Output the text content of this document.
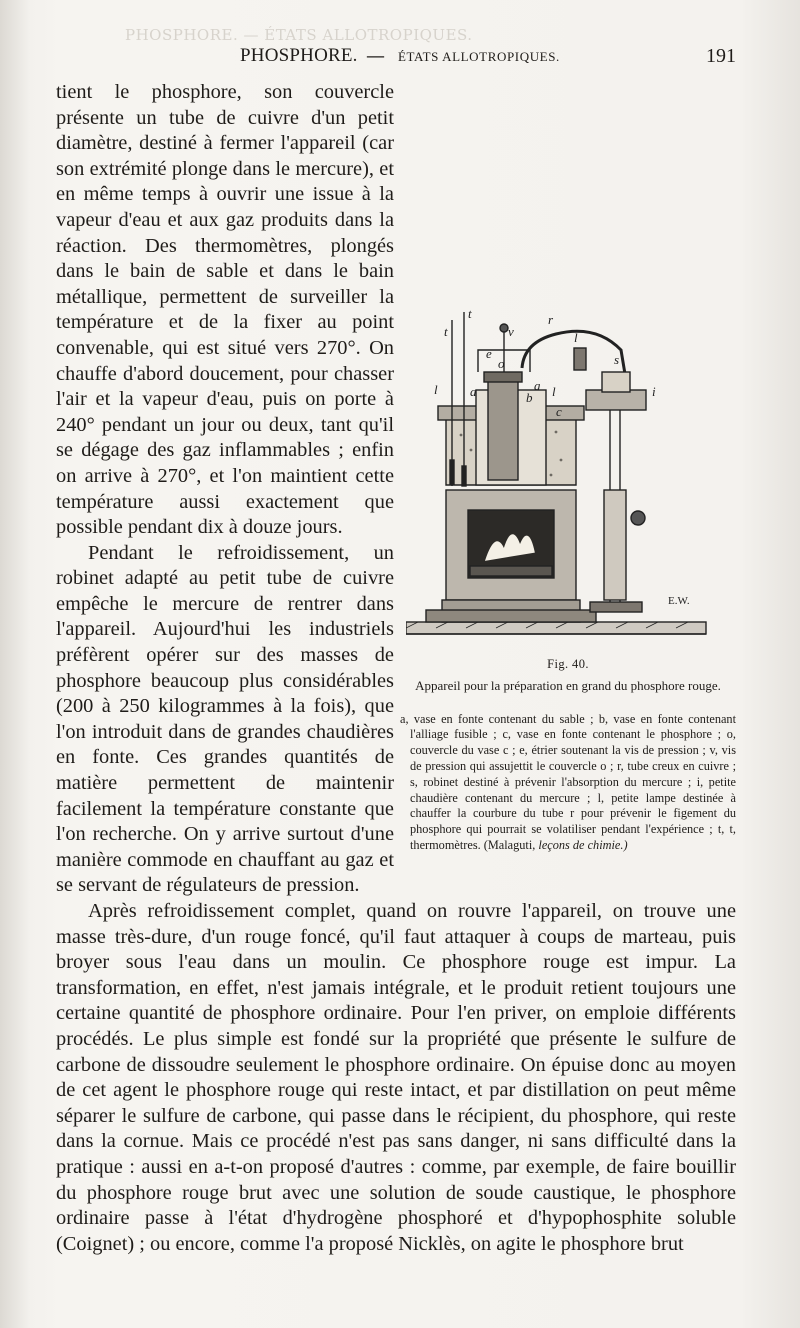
PHOSPHORE. — ÉTATS ALLOTROPIQUES.
PHOSPHORE. — ÉTATS ALLOTROPIQUES.	191
t
t
v
r
l
e
o
a	a
b
l	l
s
i
c
E.W.
Fig. 40.
Appareil pour la préparation en grand du phosphore rouge.
a, vase en fonte contenant du sable ; b, vase en fonte contenant l'alliage fusible ; c, vase en fonte contenant le phosphore ; o, couvercle du vase c ; e, étrier soutenant la vis de pression ; v, vis de pression qui assujettit le couvercle o ; r, tube creux en cuivre ; s, robinet destiné à prévenir l'absorption du mercure ; i, petite chaudière contenant du mercure ; l, petite lampe destinée à chauffer la courbure du tube r pour prévenir le figement du phosphore qui pourrait se volatiliser pendant l'expérience ; t, t, thermomètres. (Malaguti, leçons de chimie.)

tient le phosphore, son couvercle présente un tube de cuivre d'un petit diamètre, destiné à fermer l'appareil (car son extrémité plonge dans le mercure), et en même temps à ouvrir une issue à la vapeur d'eau et aux gaz produits dans la réaction. Des thermomètres, plongés dans le bain de sable et dans le bain métallique, permettent de surveiller la température et de la fixer au point convenable, qui est situé vers 270°. On chauffe d'abord doucement, pour chasser l'air et la vapeur d'eau, puis on porte à 240° pendant un jour ou deux, tant qu'il se dégage des gaz inflammables ; enfin on arrive à 270°, et l'on maintient cette température aussi exactement que possible pendant dix à douze jours.

Pendant le refroidissement, un robinet adapté au petit tube de cuivre empêche le mercure de rentrer dans l'appareil. Aujourd'hui les industriels préfèrent opérer sur des masses de phosphore beaucoup plus considérables (200 à 250 kilogrammes à la fois), que l'on introduit dans de grandes chaudières en fonte. Ces grandes quantités de matière permettent de maintenir facilement la température constante que l'on recherche. On y arrive surtout d'une manière commode en chauffant au gaz et se servant de régulateurs de pression.

Après refroidissement complet, quand on rouvre l'appareil, on trouve une masse très-dure, d'un rouge foncé, qu'il faut attaquer à coups de marteau, puis broyer sous l'eau dans un moulin. Ce phosphore rouge est impur. La transformation, en effet, n'est jamais intégrale, et le produit retient toujours une certaine quantité de phosphore ordinaire. Pour l'en priver, on emploie différents procédés. Le plus simple est fondé sur la propriété que présente le sulfure de carbone de dissoudre seulement le phosphore ordinaire. On épuise donc au moyen de cet agent le phosphore rouge qui reste intact, et par distillation on peut même séparer le sulfure de carbone, qui passe dans le récipient, du phosphore, qui reste dans la cornue. Mais ce procédé n'est pas sans danger, ni sans difficulté dans la pratique : aussi en a-t-on proposé d'autres : comme, par exemple, de faire bouillir du phosphore rouge brut avec une solution de soude caustique, le phosphore ordinaire passe à l'état d'hydrogène phosphoré et d'hypophosphite soluble (Coignet) ; ou encore, comme l'a proposé Nicklès, on agite le phosphore brut
